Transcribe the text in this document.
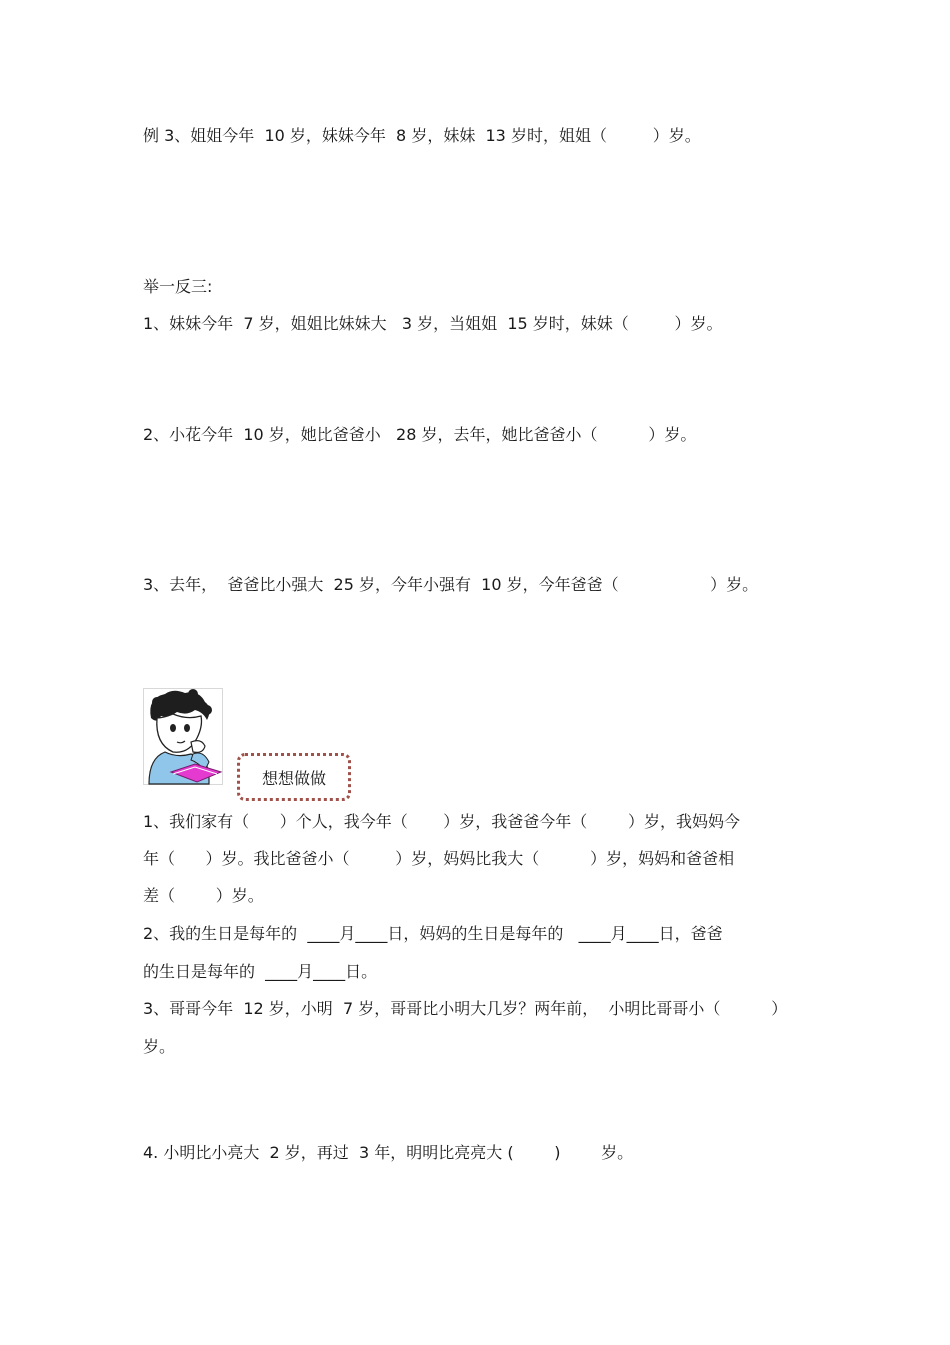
例 3、姐姐今年  10 岁，妹妹今年  8 岁，妹妹  13 岁时，姐姐（         ）岁。
举一反三:
1、妹妹今年  7 岁，姐姐比妹妹大   3 岁，当姐姐  15 岁时，妹妹（         ）岁。
2、小花今年  10 岁，她比爸爸小   28 岁，去年，她比爸爸小（          ）岁。
3、去年，  爸爸比小强大  25 岁，今年小强有  10 岁，今年爸爸（                  ）岁。
想想做做
1、我们家有（      ）个人，我今年（       ）岁，我爸爸今年（        ）岁，我妈妈今
年（      ）岁。我比爸爸小（         ）岁，妈妈比我大（          ）岁，妈妈和爸爸相
差（        ）岁。
2、我的生日是每年的  ____月____日，妈妈的生日是每年的   ____月____日，爸爸
的生日是每年的  ____月____日。
3、哥哥今年  12 岁，小明  7 岁，哥哥比小明大几岁？两年前，  小明比哥哥小（          ）
岁。
4. 小明比小亮大  2 岁，再过  3 年，明明比亮亮大 (        )        岁。
